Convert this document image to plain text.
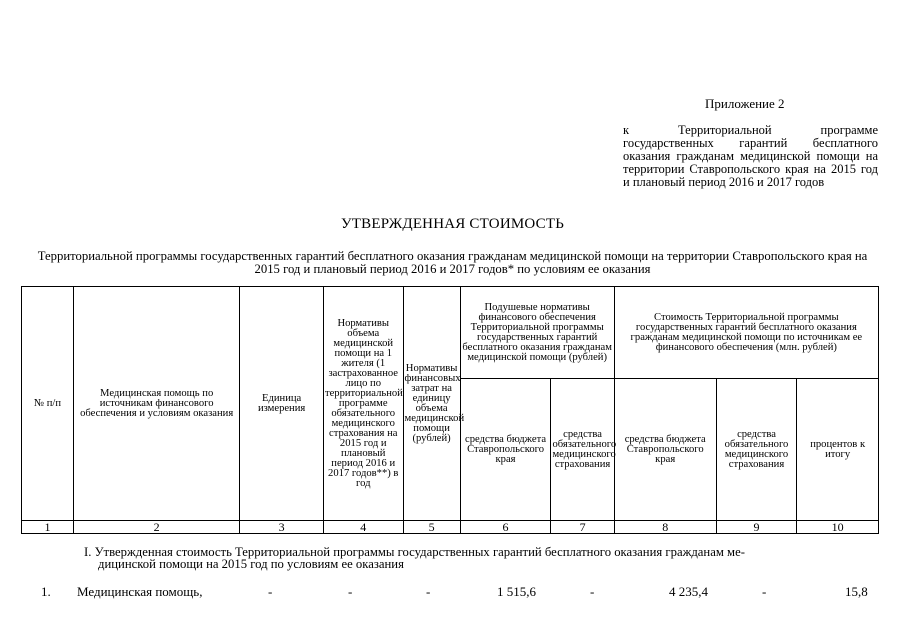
Приложение 2
к Территориальной программе государственных гарантий бесплатного оказания гражданам медицинской помощи на территории Ставропольского края на 2015 год и плановый период 2016 и 2017 годов
УТВЕРЖДЕННАЯ СТОИМОСТЬ
Территориальной программы государственных гарантий бесплатного оказания гражданам медицинской помощи на территории Ставропольского края на 2015 год и плановый период 2016 и 2017 годов* по условиям ее оказания
№ п/п	Медицинская помощь по источникам финансового обеспечения и условиям оказания	Единица измерения	Нормативы объема медицинской помощи на 1 жителя (1 застрахованное лицо по территориальной программе обязательного медицинского страхования на 2015 год и плановый период 2016 и 2017 годов**) в год	Нормативы финансовых затрат на единицу объема медицинской помощи (рублей)	Подушевые нормативы финансового обеспечения Территориальной программы государственных гарантий бесплатного оказания гражданам медицинской помощи (рублей)		Стоимость Территориальной программы государственных гарантий бесплатного оказания гражданам медицинской помощи по источникам ее финансового обеспечения (млн. рублей)		
					средства бюджета Ставропольского края	средства обязательного медицинского страхования	средства бюджета Ставропольского края	средства обязательного медицинского страхования	процентов к итогу
1	2	3	4	5	6	7	8	9	10
I. Утвержденная стоимость Территориальной программы государственных гарантий бесплатного оказания гражданам ме-
дицинской помощи на 2015 год по условиям ее оказания
1. Медицинская помощь,	-	-	-	1 515,6	-	4 235,4	-	15,8
